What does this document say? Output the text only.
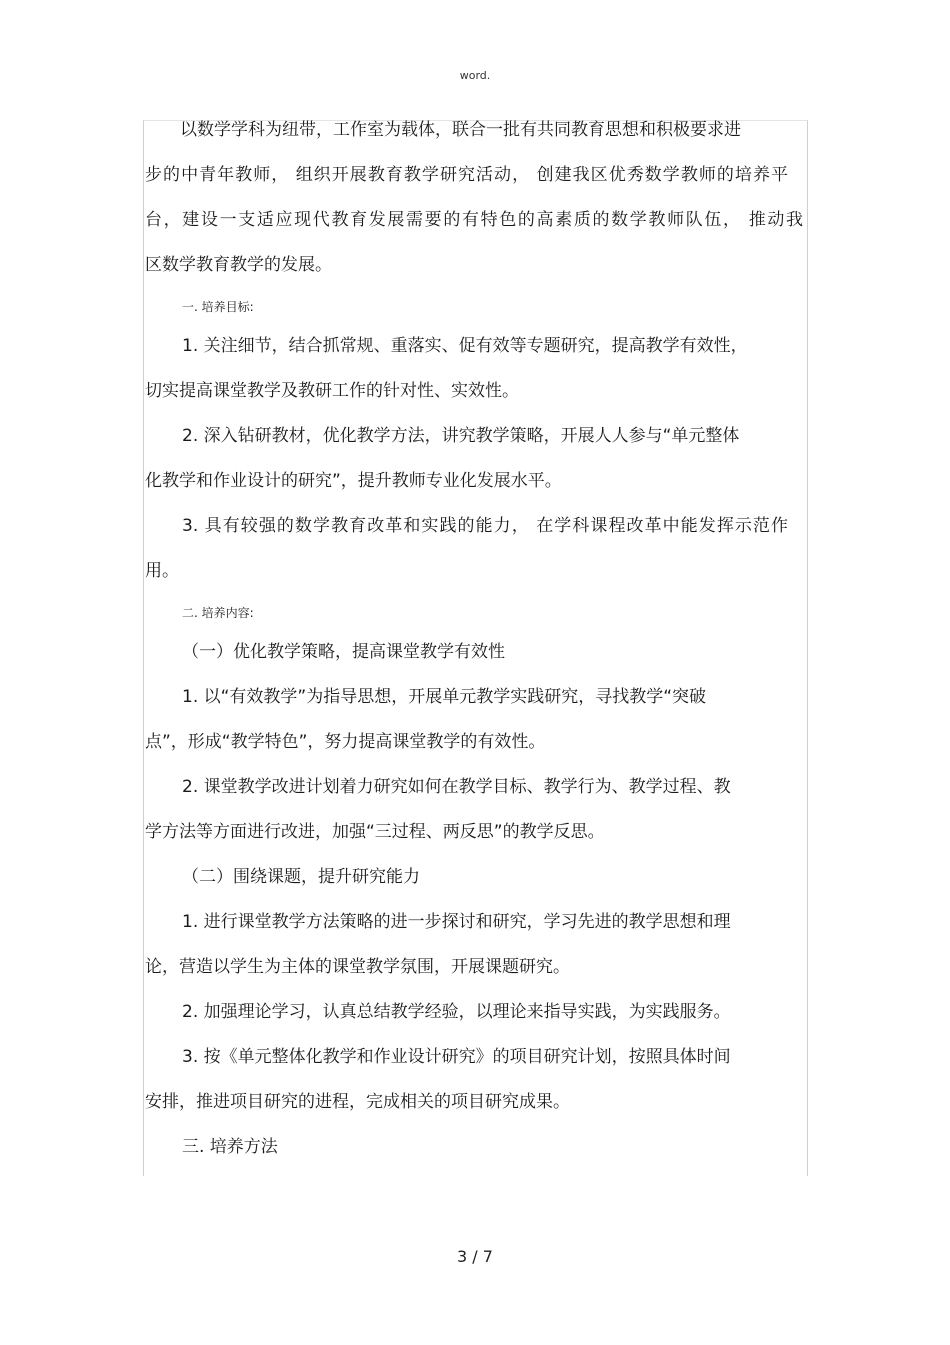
word.

以数学学科为纽带，工作室为载体，联合一批有共同教育思想和积极要求进

步的中青年教师， 组织开展教育教学研究活动， 创建我区优秀数学教师的培养平

台，建设一支适应现代教育发展需要的有特色的高素质的数学教师队伍， 推动我

区数学教育教学的发展。

一. 培养目标:

1. 关注细节，结合抓常规、重落实、促有效等专题研究，提高教学有效性，

切实提高课堂教学及教研工作的针对性、实效性。

2. 深入钻研教材，优化教学方法，讲究教学策略，开展人人参与“单元整体

化教学和作业设计的研究”，提升教师专业化发展水平。

3. 具有较强的数学教育改革和实践的能力， 在学科课程改革中能发挥示范作

用。

二. 培养内容:

（一）优化教学策略，提高课堂教学有效性

1. 以“有效教学”为指导思想，开展单元教学实践研究，寻找教学“突破

点”，形成“教学特色”，努力提高课堂教学的有效性。

2. 课堂教学改进计划着力研究如何在教学目标、教学行为、教学过程、教

学方法等方面进行改进，加强“三过程、两反思”的教学反思。

（二）围绕课题，提升研究能力

1. 进行课堂教学方法策略的进一步探讨和研究，学习先进的教学思想和理

论，营造以学生为主体的课堂教学氛围，开展课题研究。

2. 加强理论学习，认真总结教学经验，以理论来指导实践，为实践服务。

3. 按《单元整体化教学和作业设计研究》的项目研究计划，按照具体时间

安排，推进项目研究的进程，完成相关的项目研究成果。

三. 培养方法

3 / 7
